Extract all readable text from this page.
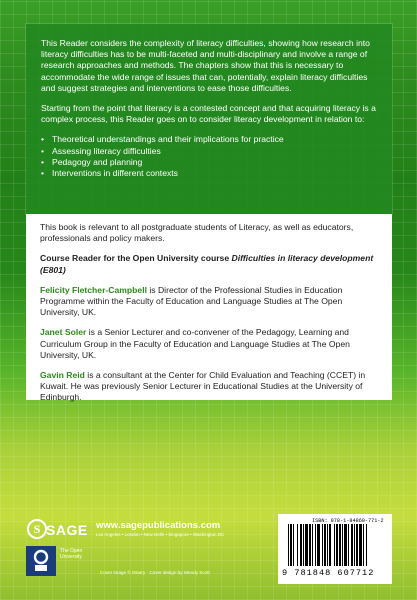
This Reader considers the complexity of literacy difficulties, showing how research into literacy difficulties has to be multi-faceted and multi-disciplinary and involve a range of research approaches and methods. The chapters show that this is necessary to accommodate the wide range of issues that can, potentially, explain literacy difficulties and suggest strategies and interventions to ease those difficulties.

Starting from the point that literacy is a contested concept and that acquiring literacy is a complex process, this Reader goes on to consider literacy development in relation to:

• Theoretical understandings and their implications for practice
• Assessing literacy difficulties
• Pedagogy and planning
• Interventions in different contexts

This book is relevant to all postgraduate students of Literacy, as well as educators, professionals and policy makers.

Course Reader for the Open University course Difficulties in literacy development (E801)

Felicity Fletcher-Campbell is Director of the Professional Studies in Education Programme within the Faculty of Education and Language Studies at The Open University, UK.

Janet Soler is a Senior Lecturer and co-convener of the Pedagogy, Learning and Curriculum Group in the Faculty of Education and Language Studies at The Open University, UK.

Gavin Reid is a consultant at the Center for Child Evaluation and Teaching (CCET) in Kuwait. He was previously Senior Lecturer in Educational Studies at the University of Edinburgh.

S SAGE www.sagepublications.com
Los Angeles • London • New Delhi • Singapore • Washington DC
The Open University
Cover image © iStarry · Cover design by Wendy Scott
ISBN: 978-1-84860-771-2
9 781848 607712
